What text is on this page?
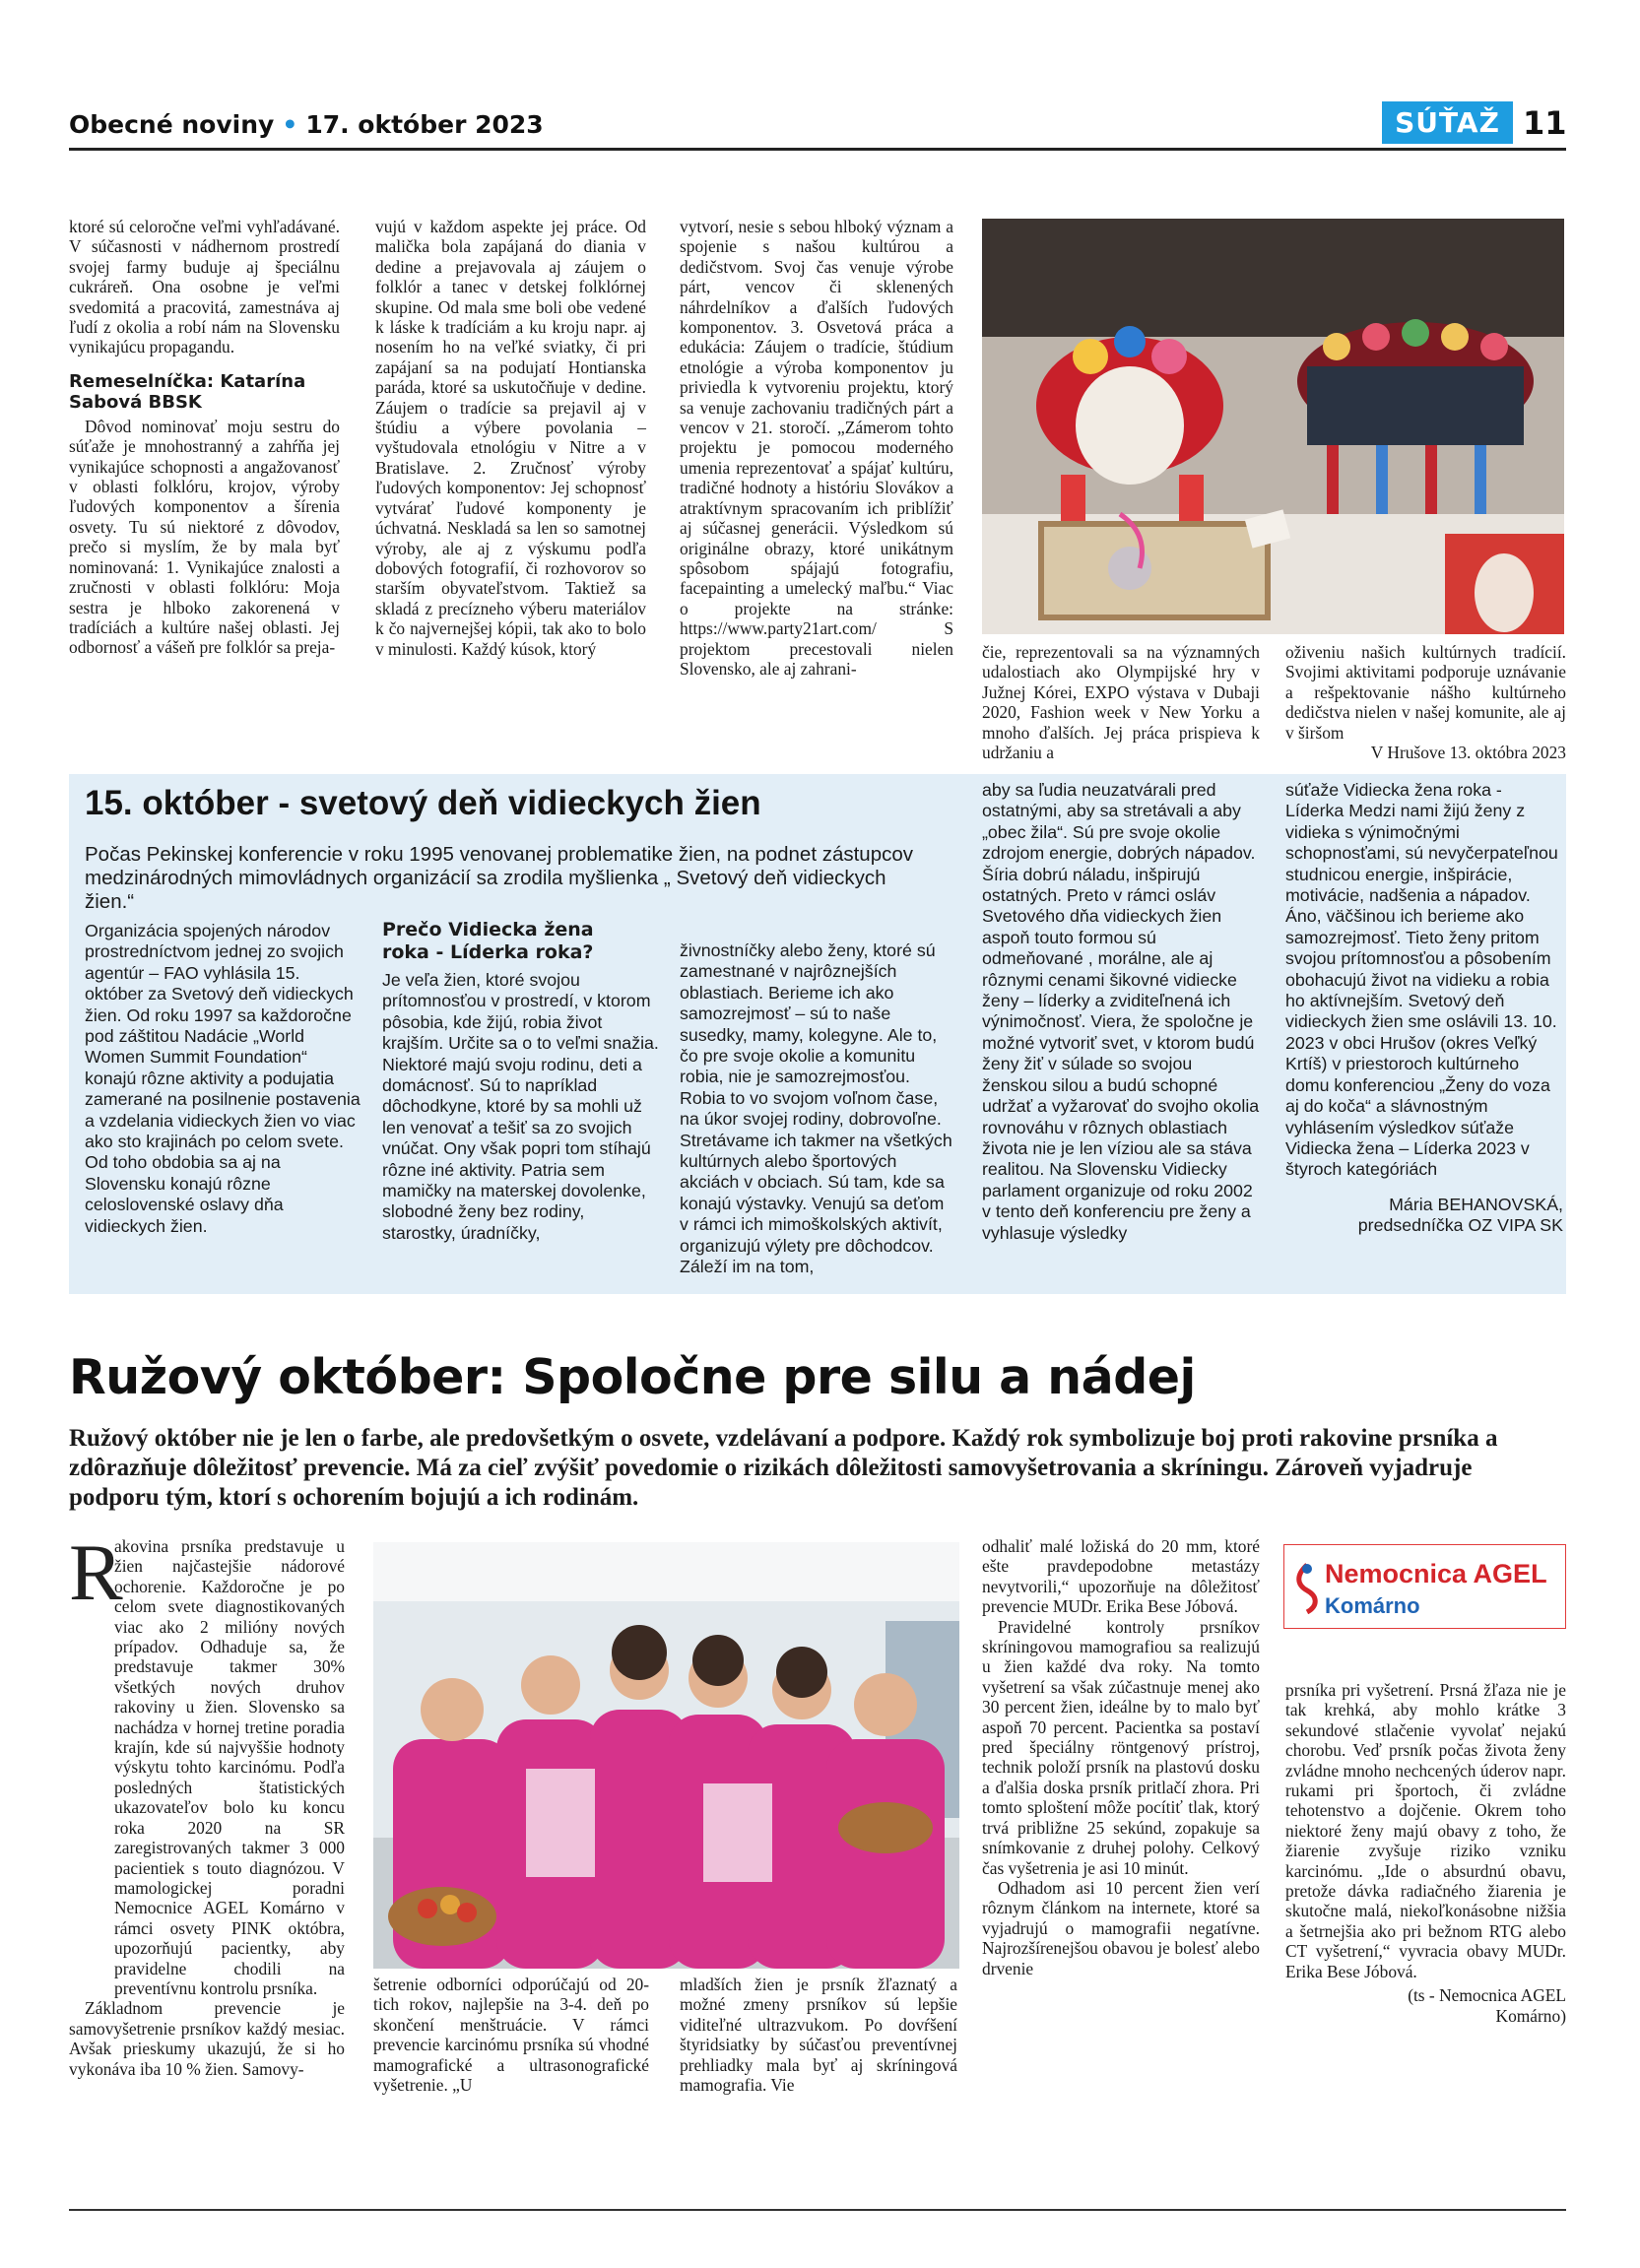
Obecné noviny • 17. október 2023	SÚŤAŽ 11

ktoré sú celoročne veľmi vyhľadávané. V súčasnosti v nádhernom prostredí svojej farmy buduje aj špeciálnu cukráreň. Ona osobne je veľmi svedomitá a pracovitá, zamestnáva aj ľudí z okolia a robí nám na Slovensku vynikajúcu propagandu.

Remeselníčka: Katarína Sabová BBSK

Dôvod nominovať moju sestru do súťaže je mnohostranný a zahŕňa jej vynikajúce schopnosti a angažovanosť v oblasti folklóru, krojov, výroby ľudových komponentov a šírenia osvety. Tu sú niektoré z dôvodov, prečo si myslím, že by mala byť nominovaná: 1. Vynikajúce znalosti a zručnosti v oblasti folklóru: Moja sestra je hlboko zakorenená v tradíciách a kultúre našej oblasti. Jej odbornosť a vášeň pre folklór sa preja-

vujú v každom aspekte jej práce. Od malička bola zapájaná do diania v dedine a prejavovala aj záujem o folklór a tanec v detskej folklórnej skupine. Od mala sme boli obe vedené k láske k tradíciám a ku kroju napr. aj nosením ho na veľké sviatky, či pri zapájaní sa na podujatí Hontianska paráda, ktoré sa uskutočňuje v dedine. Záujem o tradície sa prejavil aj v štúdiu a výbere povolania – vyštudovala etnológiu v Nitre a v Bratislave. 2. Zručnosť výroby ľudových komponentov: Jej schopnosť vytvárať ľudové komponenty je úchvatná. Neskladá sa len so samotnej výroby, ale aj z výskumu podľa dobových fotografií, či rozhovorov so starším obyvateľstvom. Taktiež sa skladá z precízneho výberu materiálov k čo najvernejšej kópii, tak ako to bolo v minulosti. Každý kúsok, ktorý

vytvorí, nesie s sebou hlboký význam a spojenie s našou kultúrou a dedičstvom. Svoj čas venuje výrobe párt, vencov či sklenených náhrdelníkov a ďalších ľudových komponentov. 3. Osvetová práca a edukácia: Záujem o tradície, štúdium etnológie a výroba komponentov ju priviedla k vytvoreniu projektu, ktorý sa venuje zachovaniu tradičných párt a vencov v 21. storočí. „Zámerom tohto projektu je pomocou moderného umenia reprezentovať a spájať kultúru, tradičné hodnoty a históriu Slovákov a atraktívnym spracovaním ich priblížiť aj súčasnej generácii. Výsledkom sú originálne obrazy, ktoré unikátnym spôsobom spájajú fotografiu, facepainting a umelecký maľbu.“ Viac o projekte na stránke: https://www.party21art.com/ S projektom precestovali nielen Slovensko, ale aj zahrani-

čie, reprezentovali sa na významných udalostiach ako Olympijské hry v Južnej Kórei, EXPO výstava v Dubaji 2020, Fashion week v New Yorku a mnoho ďalších. Jej práca prispieva k udržaniu a

oživeniu našich kultúrnych tradícií. Svojimi aktivitami podporuje uznávanie a rešpektovanie nášho kultúrneho dedičstva nielen v našej komunite, ale aj v širšom

V Hrušove 13. októbra 2023
15. október - svetový deň vidieckych žien
Počas Pekinskej konferencie v roku 1995 venovanej problematike žien, na podnet zástupcov medzinárodných mimovládnych organizácií sa zrodila myšlienka „ Svetový deň vidieckych žien.“
Organizácia spojených národov prostredníctvom jednej zo svojich agentúr – FAO vyhlásila 15. október za Svetový deň vidieckych žien. Od roku 1997 sa každoročne pod záštitou Nadácie „World Women Summit Foundation“ konajú rôzne aktivity a podujatia zamerané na posilnenie postavenia a vzdelania vidieckych žien vo viac ako sto krajinách po celom svete. Od toho obdobia sa aj na Slovensku konajú rôzne celoslovenské oslavy dňa vidieckych žien.
Prečo Vidiecka žena roka - Líderka roka?
Je veľa žien, ktoré svojou prítomnosťou v prostredí, v ktorom pôsobia, kde žijú, robia život krajším. Určite sa o to veľmi snažia. Niektoré majú svoju rodinu, deti a domácnosť. Sú to napríklad dôchodkyne, ktoré by sa mohli už len venovať a tešiť sa zo svojich vnúčat. Ony však popri tom stíhajú rôzne iné aktivity. Patria sem mamičky na materskej dovolenke, slobodné ženy bez rodiny, starostky, úradníčky,
živnostníčky alebo ženy, ktoré sú zamestnané v najrôznejších oblastiach. Berieme ich ako samozrejmosť – sú to naše susedky, mamy, kolegyne. Ale to, čo pre svoje okolie a komunitu robia, nie je samozrejmosťou. Robia to vo svojom voľnom čase, na úkor svojej rodiny, dobrovoľne. Stretávame ich takmer na všetkých kultúrnych alebo športových akciách v obciach. Sú tam, kde sa konajú výstavky. Venujú sa deťom v rámci ich mimoškolských aktivít, organizujú výlety pre dôchodcov. Záleží im na tom,
aby sa ľudia neuzatvárali pred ostatnými, aby sa stretávali a aby „obec žila“. Sú pre svoje okolie zdrojom energie, dobrých nápadov. Šíria dobrú náladu, inšpirujú ostatných. Preto v rámci osláv Svetového dňa vidieckych žien aspoň touto formou sú odmeňované , morálne, ale aj rôznymi cenami šikovné vidiecke ženy – líderky a zviditeľnená ich výnimočnosť. Viera, že spoločne je možné vytvoriť svet, v ktorom budú ženy žiť v súlade so svojou ženskou silou a budú schopné udržať a vyžarovať do svojho okolia rovnováhu v rôznych oblastiach života nie je len víziou ale sa stáva realitou. Na Slovensku Vidiecky parlament organizuje od roku 2002 v tento deň konferenciu pre ženy a vyhlasuje výsledky
súťaže Vidiecka žena roka - Líderka Medzi nami žijú ženy z vidieka s výnimočnými schopnosťami, sú nevyčerpateľnou studnicou energie, inšpirácie, motivácie, nadšenia a nápadov. Áno, väčšinou ich berieme ako samozrejmosť. Tieto ženy pritom svojou prítomnosťou a pôsobením obohacujú život na vidieku a robia ho aktívnejším. Svetový deň vidieckych žien sme oslávili 13. 10. 2023 v obci Hrušov (okres Veľký Krtíš) v priestoroch kultúrneho domu konferenciou „Ženy do voza aj do koča“ a slávnostným vyhlásením výsledkov súťaže Vidiecka žena – Líderka 2023 v štyroch kategóriách
Mária BEHANOVSKÁ,
predsedníčka OZ VIPA SK
Ružový október: Spoločne pre silu a nádej
Ružový október nie je len o farbe, ale predovšetkým o osvete, vzdelávaní a podpore. Každý rok symbolizuje boj proti rakovine prsníka a zdôrazňuje dôležitosť prevencie. Má za cieľ zvýšiť povedomie o rizikách dôležitosti samovyšetrovania a skríningu. Zároveň vyjadruje podporu tým, ktorí s ochorením bojujú a ich rodinám.
R

akovina prsníka predstavuje u žien najčastejšie nádorové ochorenie. Každoročne je po celom svete diagnostikovaných viac ako 2 milióny nových prípadov. Odhaduje sa, že predstavuje takmer 30% všetkých nových druhov rakoviny u žien. Slovensko sa nachádza v hornej tretine poradia krajín, kde sú najvyššie hodnoty výskytu tohto karcinómu. Podľa posledných štatistických ukazovateľov bolo ku koncu roka 2020 na SR zaregistrovaných takmer 3 000 pacientiek s touto diagnózou. V mamologickej poradni Nemocnice AGEL Komárno v rámci osvety PINK októbra, upozorňujú pacientky, aby pravidelne chodili na preventívnu kontrolu prsníka.

Základnom prevencie je samovyšetrenie prsníkov každý mesiac. Avšak prieskumy ukazujú, že si ho vykonáva iba 10 % žien. Samovy-

šetrenie odborníci odporúčajú od 20-tich rokov, najlepšie na 3-4. deň po skončení menštruácie. V rámci prevencie karcinómu prsníka sú vhodné mamografické a ultrasonografické vyšetrenie. „U

mladších žien je prsník žľaznatý a možné zmeny prsníkov sú lepšie viditeľné ultrazvukom. Po dovŕšení štyridsiatky by súčasťou preventívnej prehliadky mala byť aj skríningová mamografia. Vie

odhaliť malé ložiská do 20 mm, ktoré ešte pravdepodobne metastázy nevytvorili,“ upozorňuje na dôležitosť prevencie MUDr. Erika Bese Jóbová.

Pravidelné kontroly prsníkov skríningovou mamografiou sa realizujú u žien každé dva roky. Na tomto vyšetrení sa však zúčastnuje menej ako 30 percent žien, ideálne by to malo byť aspoň 70 percent. Pacientka sa postaví pred špeciálny röntgenový prístroj, technik položí prsník na plastovú dosku a ďalšia doska prsník pritlačí zhora. Pri tomto sploštení môže pocítiť tlak, ktorý trvá približne 25 sekúnd, zopakuje sa snímkovanie z druhej polohy. Celkový čas vyšetrenia je asi 10 minút.

Odhadom asi 10 percent žien verí rôznym článkom na internete, ktoré sa vyjadrujú o mamografii negatívne. Najrozšírenejšou obavou je bolesť alebo drvenie

Nemocnica AGEL
Komárno

prsníka pri vyšetrení. Prsná žľaza nie je tak krehká, aby mohlo krátke 3 sekundové stlačenie vyvolať nejakú chorobu. Veď prsník počas života ženy zvládne mnoho nechcených úderov napr. rukami pri športoch, či zvládne tehotenstvo a dojčenie. Okrem toho niektoré ženy majú obavy z toho, že žiarenie zvyšuje riziko vzniku karcinómu. „Ide o absurdnú obavu, pretože dávka radiačného žiarenia je skutočne malá, niekoľkonásobne nižšia a šetrnejšia ako pri bežnom RTG alebo CT vyšetrení,“ vyvracia obavy MUDr. Erika Bese Jóbová.

(ts - Nemocnica AGEL
Komárno)
